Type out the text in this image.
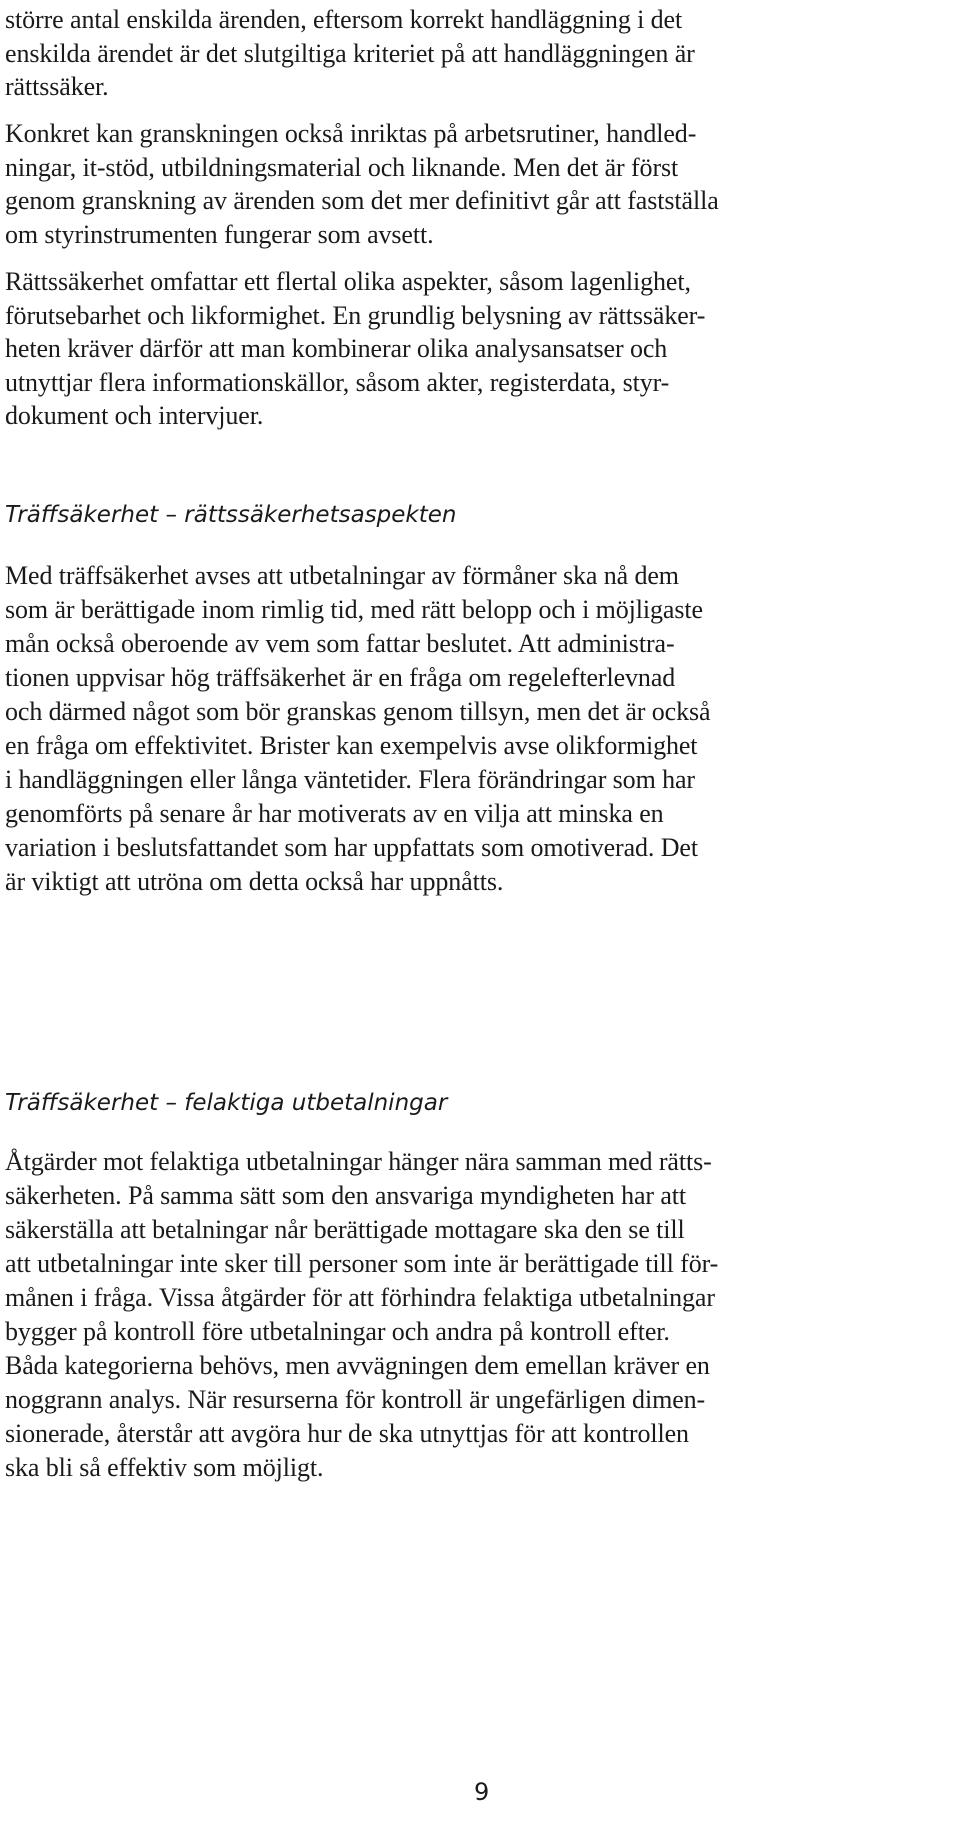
större antal enskilda ärenden, eftersom korrekt handläggning i det

enskilda ärendet är det slutgiltiga kriteriet på att handläggningen är

rättssäker.

Konkret kan granskningen också inriktas på arbetsrutiner, handled-

ningar, it-stöd, utbildningsmaterial och liknande. Men det är först

genom granskning av ärenden som det mer definitivt går att fastställa

om styrinstrumenten fungerar som avsett.

Rättssäkerhet omfattar ett flertal olika aspekter, såsom lagenlighet,

förutsebarhet och likformighet. En grundlig belysning av rättssäker-

heten kräver därför att man kombinerar olika analysansatser och

utnyttjar flera informationskällor, såsom akter, registerdata, styr-

dokument och intervjuer.

Träffsäkerhet – rättssäkerhetsaspekten

Med träffsäkerhet avses att utbetalningar av förmåner ska nå dem

som är berättigade inom rimlig tid, med rätt belopp och i möjligaste

mån också oberoende av vem som fattar beslutet. Att administra-

tionen uppvisar hög träffsäkerhet är en fråga om regelefterlevnad

och därmed något som bör granskas genom tillsyn, men det är också

en fråga om effektivitet. Brister kan exempelvis avse olikformighet

i handläggningen eller långa väntetider. Flera förändringar som har

genomförts på senare år har motiverats av en vilja att minska en

variation i beslutsfattandet som har uppfattats som omotiverad. Det

är viktigt att utröna om detta också har uppnåtts.

Träffsäkerhet – felaktiga utbetalningar

Åtgärder mot felaktiga utbetalningar hänger nära samman med rätts-

säkerheten. På samma sätt som den ansvariga myndigheten har att

säkerställa att betalningar når berättigade mottagare ska den se till

att utbetalningar inte sker till personer som inte är berättigade till för-

månen i fråga. Vissa åtgärder för att förhindra felaktiga utbetalningar

bygger på kontroll före utbetalningar och andra på kontroll efter.

Båda kategorierna behövs, men avvägningen dem emellan kräver en

noggrann analys. När resurserna för kontroll är ungefärligen dimen-

sionerade, återstår att avgöra hur de ska utnyttjas för att kontrollen

ska bli så effektiv som möjligt.

9
